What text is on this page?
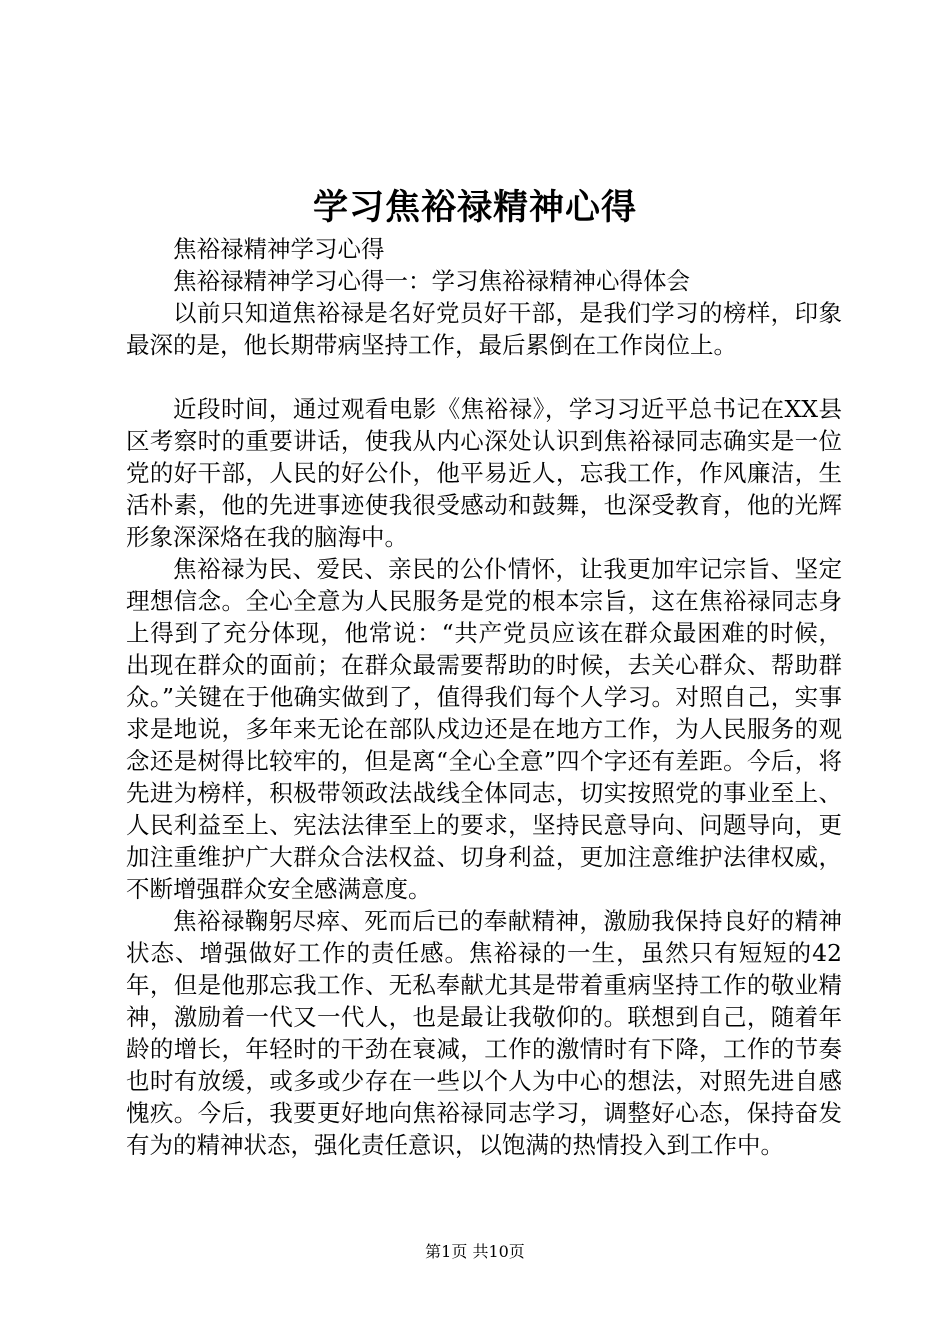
学习焦裕禄精神心得

焦裕禄精神学习心得

焦裕禄精神学习心得一：学习焦裕禄精神心得体会

以前只知道焦裕禄是名好党员好干部，是我们学习的榜样，印象最深的是，他长期带病坚持工作，最后累倒在工作岗位上。

近段时间，通过观看电影《焦裕禄》，学习习近平总书记在XX县区考察时的重要讲话，使我从内心深处认识到焦裕禄同志确实是一位党的好干部，人民的好公仆，他平易近人，忘我工作，作风廉洁，生活朴素，他的先进事迹使我很受感动和鼓舞，也深受教育，他的光辉形象深深烙在我的脑海中。

焦裕禄为民、爱民、亲民的公仆情怀，让我更加牢记宗旨、坚定理想信念。全心全意为人民服务是党的根本宗旨，这在焦裕禄同志身上得到了充分体现，他常说：“共产党员应该在群众最困难的时候，出现在群众的面前；在群众最需要帮助的时候，去关心群众、帮助群众。”关键在于他确实做到了，值得我们每个人学习。对照自己，实事求是地说，多年来无论在部队戍边还是在地方工作，为人民服务的观念还是树得比较牢的，但是离“全心全意”四个字还有差距。今后，将先进为榜样，积极带领政法战线全体同志，切实按照党的事业至上、人民利益至上、宪法法律至上的要求，坚持民意导向、问题导向，更加注重维护广大群众合法权益、切身利益，更加注意维护法律权威，不断增强群众安全感满意度。

焦裕禄鞠躬尽瘁、死而后已的奉献精神，激励我保持良好的精神状态、增强做好工作的责任感。焦裕禄的一生，虽然只有短短的42年，但是他那忘我工作、无私奉献尤其是带着重病坚持工作的敬业精神，激励着一代又一代人，也是最让我敬仰的。联想到自己，随着年龄的增长，年轻时的干劲在衰减，工作的激情时有下降，工作的节奏也时有放缓，或多或少存在一些以个人为中心的想法，对照先进自感愧疚。今后，我要更好地向焦裕禄同志学习，调整好心态，保持奋发有为的精神状态，强化责任意识，以饱满的热情投入到工作中。

第1页 共10页
